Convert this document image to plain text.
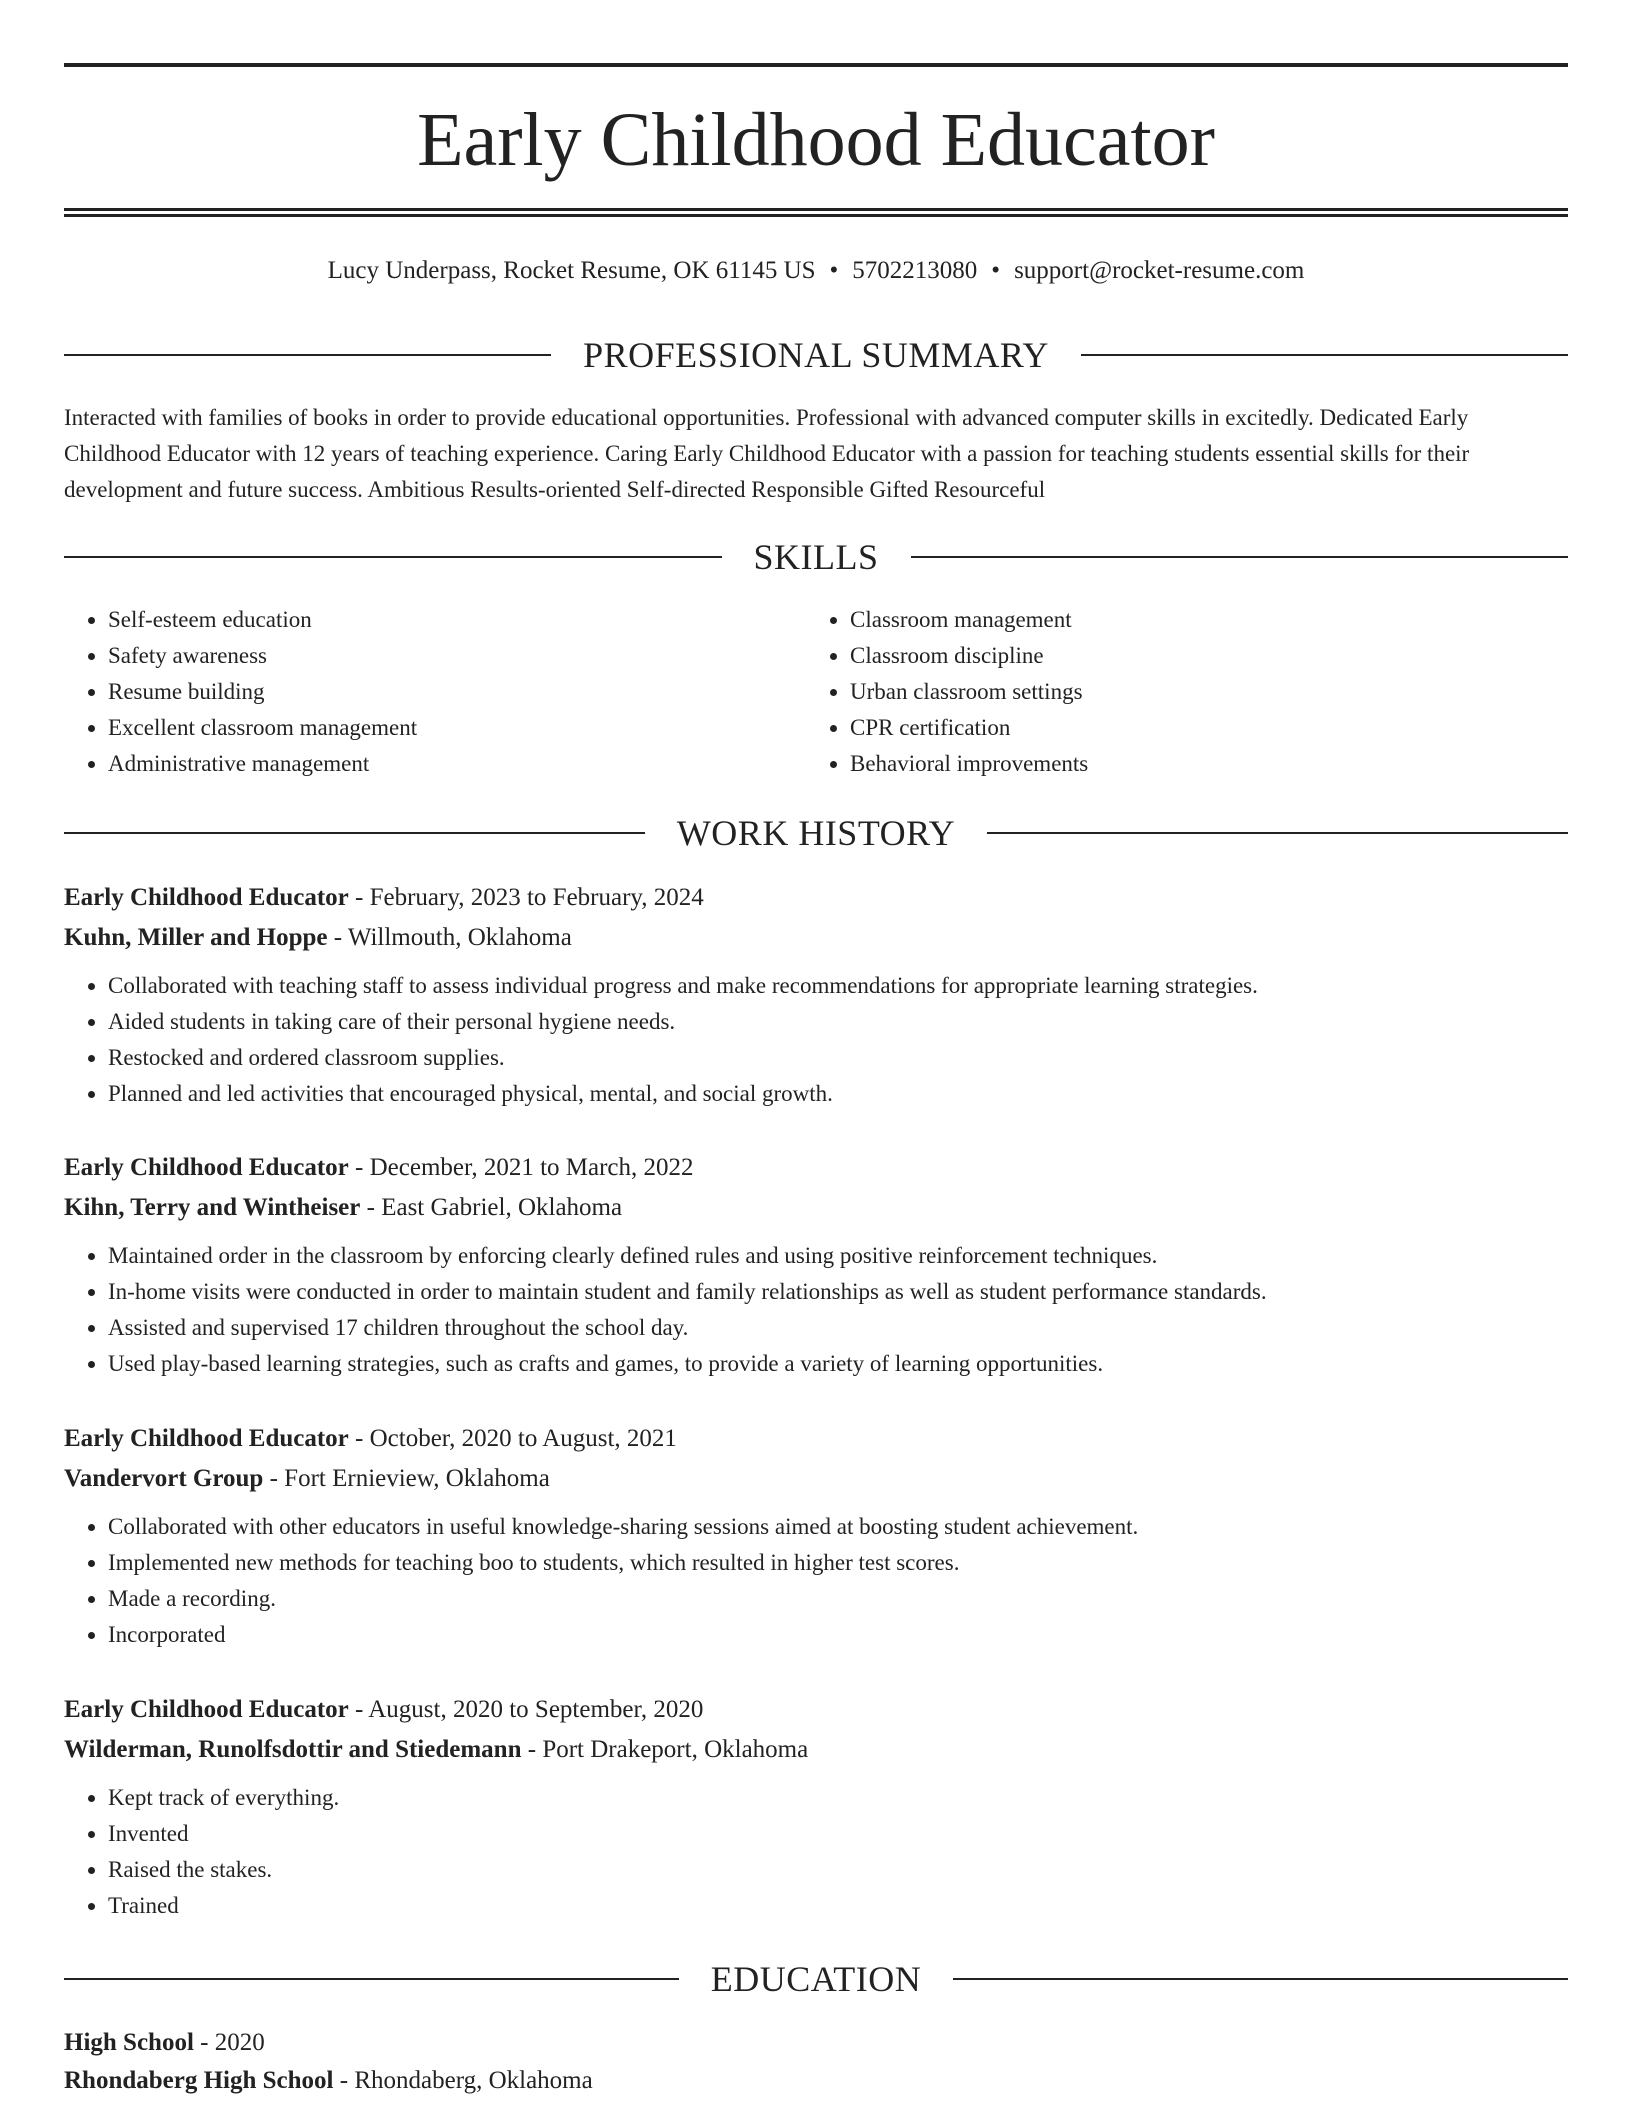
Early Childhood Educator
Lucy Underpass, Rocket Resume, OK 61145 US • 5702213080 • support@rocket-resume.com
PROFESSIONAL SUMMARY

Interacted with families of books in order to provide educational opportunities. Professional with advanced computer skills in excitedly. Dedicated Early Childhood Educator with 12 years of teaching experience. Caring Early Childhood Educator with a passion for teaching students essential skills for their development and future success. Ambitious Results-oriented Self-directed Responsible Gifted Resourceful

SKILLS
• Self-esteem education
• Safety awareness
• Resume building
• Excellent classroom management
• Administrative management
• Classroom management
• Classroom discipline
• Urban classroom settings
• CPR certification
• Behavioral improvements
WORK HISTORY
Early Childhood Educator - February, 2023 to February, 2024
Kuhn, Miller and Hoppe - Willmouth, Oklahoma
• Collaborated with teaching staff to assess individual progress and make recommendations for appropriate learning strategies.
• Aided students in taking care of their personal hygiene needs.
• Restocked and ordered classroom supplies.
• Planned and led activities that encouraged physical, mental, and social growth.
Early Childhood Educator - December, 2021 to March, 2022
Kihn, Terry and Wintheiser - East Gabriel, Oklahoma
• Maintained order in the classroom by enforcing clearly defined rules and using positive reinforcement techniques.
• In-home visits were conducted in order to maintain student and family relationships as well as student performance standards.
• Assisted and supervised 17 children throughout the school day.
• Used play-based learning strategies, such as crafts and games, to provide a variety of learning opportunities.
Early Childhood Educator - October, 2020 to August, 2021
Vandervort Group - Fort Ernieview, Oklahoma
• Collaborated with other educators in useful knowledge-sharing sessions aimed at boosting student achievement.
• Implemented new methods for teaching boo to students, which resulted in higher test scores.
• Made a recording.
• Incorporated
Early Childhood Educator - August, 2020 to September, 2020
Wilderman, Runolfsdottir and Stiedemann - Port Drakeport, Oklahoma
• Kept track of everything.
• Invented
• Raised the stakes.
• Trained
EDUCATION
High School - 2020
Rhondaberg High School - Rhondaberg, Oklahoma
